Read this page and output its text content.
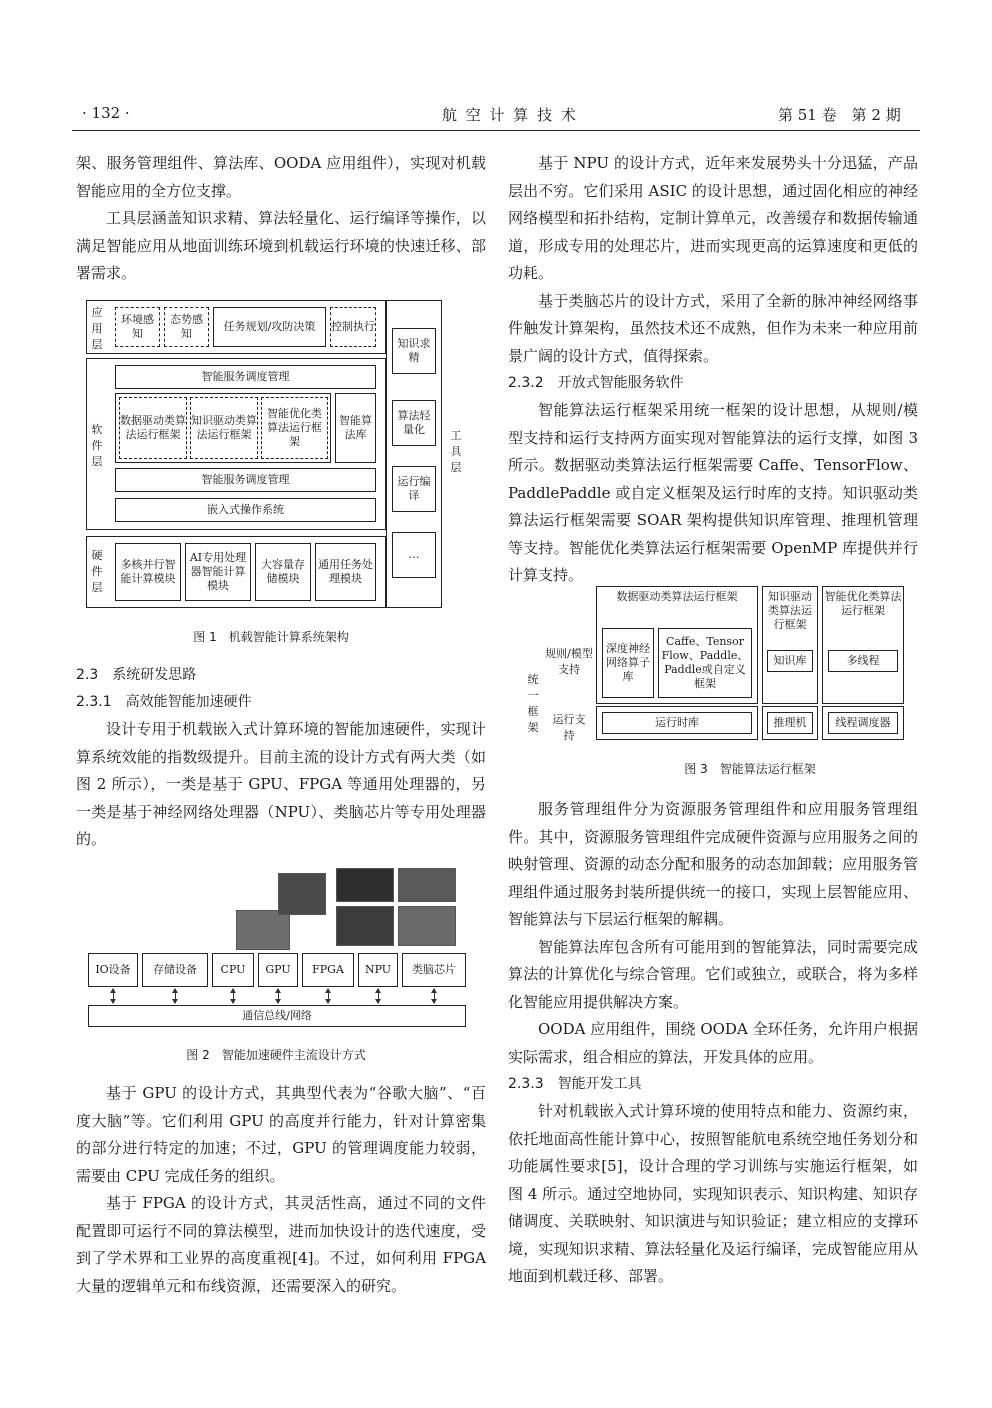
· 132 ·	航 空 计 算 技 术	第 51 卷　第 2 期

架、服务管理组件、算法库、OODA 应用组件），实现对机载智能应用的全方位支撑。

工具层涵盖知识求精、算法轻量化、运行编译等操作，以满足智能应用从地面训练环境到机载运行环境的快速迁移、部署需求。

应用层
环境感知
态势感知
任务规划/攻防决策	控制执行
软件层
智能服务调度管理
数据驱动类算法运行框架
知识驱动类算法运行框架
智能优化类算法运行框架
智能算法库
智能服务调度管理
嵌入式操作系统
硬件层
多核并行智能计算模块
AI专用处理器智能计算模块
大容量存储模块
通用任务处理模块
工具层
知识求精
算法轻量化
运行编译
…
图 1　机载智能计算系统架构
2.3　系统研发思路
2.3.1　高效能智能加速硬件

设计专用于机载嵌入式计算环境的智能加速硬件，实现计算系统效能的指数级提升。目前主流的设计方式有两大类（如图 2 所示），一类是基于 GPU、FPGA 等通用处理器的，另一类是基于神经网络处理器（NPU）、类脑芯片等专用处理器的。

IO设备	存储设备	CPU	GPU	FPGA	NPU	类脑芯片
通信总线/网络
图 2　智能加速硬件主流设计方式

基于 GPU 的设计方式，其典型代表为“谷歌大脑”、“百度大脑”等。它们利用 GPU 的高度并行能力，针对计算密集的部分进行特定的加速；不过，GPU 的管理调度能力较弱，需要由 CPU 完成任务的组织。

基于 FPGA 的设计方式，其灵活性高，通过不同的文件配置即可运行不同的算法模型，进而加快设计的迭代速度，受到了学术界和工业界的高度重视[4]。不过，如何利用 FPGA 大量的逻辑单元和布线资源，还需要深入的研究。

基于 NPU 的设计方式，近年来发展势头十分迅猛，产品层出不穷。它们采用 ASIC 的设计思想，通过固化相应的神经网络模型和拓扑结构，定制计算单元，改善缓存和数据传输通道，形成专用的处理芯片，进而实现更高的运算速度和更低的功耗。

基于类脑芯片的设计方式，采用了全新的脉冲神经网络事件触发计算架构，虽然技术还不成熟，但作为未来一种应用前景广阔的设计方式，值得探索。

2.3.2　开放式智能服务软件

智能算法运行框架采用统一框架的设计思想，从规则/模型支持和运行支持两方面实现对智能算法的运行支撑，如图 3 所示。数据驱动类算法运行框架需要 Caffe、TensorFlow、PaddlePaddle 或自定义框架及运行时库的支持。知识驱动类算法运行框架需要 SOAR 架构提供知识库管理、推理机管理等支持。智能优化类算法运行框架需要 OpenMP 库提供并行计算支持。

统一框架
规则/模型支持
运行支持
数据驱动类算法运行框架
深度神经网络算子库
Caffe、Tensor Flow、Paddle、Paddle或自定义框架
知识驱动类算法运行框架
知识库
智能优化类算法运行框架
多线程
运行时库	推理机	线程调度器
图 3　智能算法运行框架

服务管理组件分为资源服务管理组件和应用服务管理组件。其中，资源服务管理组件完成硬件资源与应用服务之间的映射管理、资源的动态分配和服务的动态加卸载；应用服务管理组件通过服务封装所提供统一的接口，实现上层智能应用、智能算法与下层运行框架的解耦。

智能算法库包含所有可能用到的智能算法，同时需要完成算法的计算优化与综合管理。它们或独立，或联合，将为多样化智能应用提供解决方案。

OODA 应用组件，围绕 OODA 全环任务，允许用户根据实际需求，组合相应的算法，开发具体的应用。

2.3.3　智能开发工具

针对机载嵌入式计算环境的使用特点和能力、资源约束，依托地面高性能计算中心，按照智能航电系统空地任务划分和功能属性要求[5]，设计合理的学习训练与实施运行框架，如图 4 所示。通过空地协同，实现知识表示、知识构建、知识存储调度、关联映射、知识演进与知识验证；建立相应的支撑环境，实现知识求精、算法轻量化及运行编译，完成智能应用从地面到机载迁移、部署。
